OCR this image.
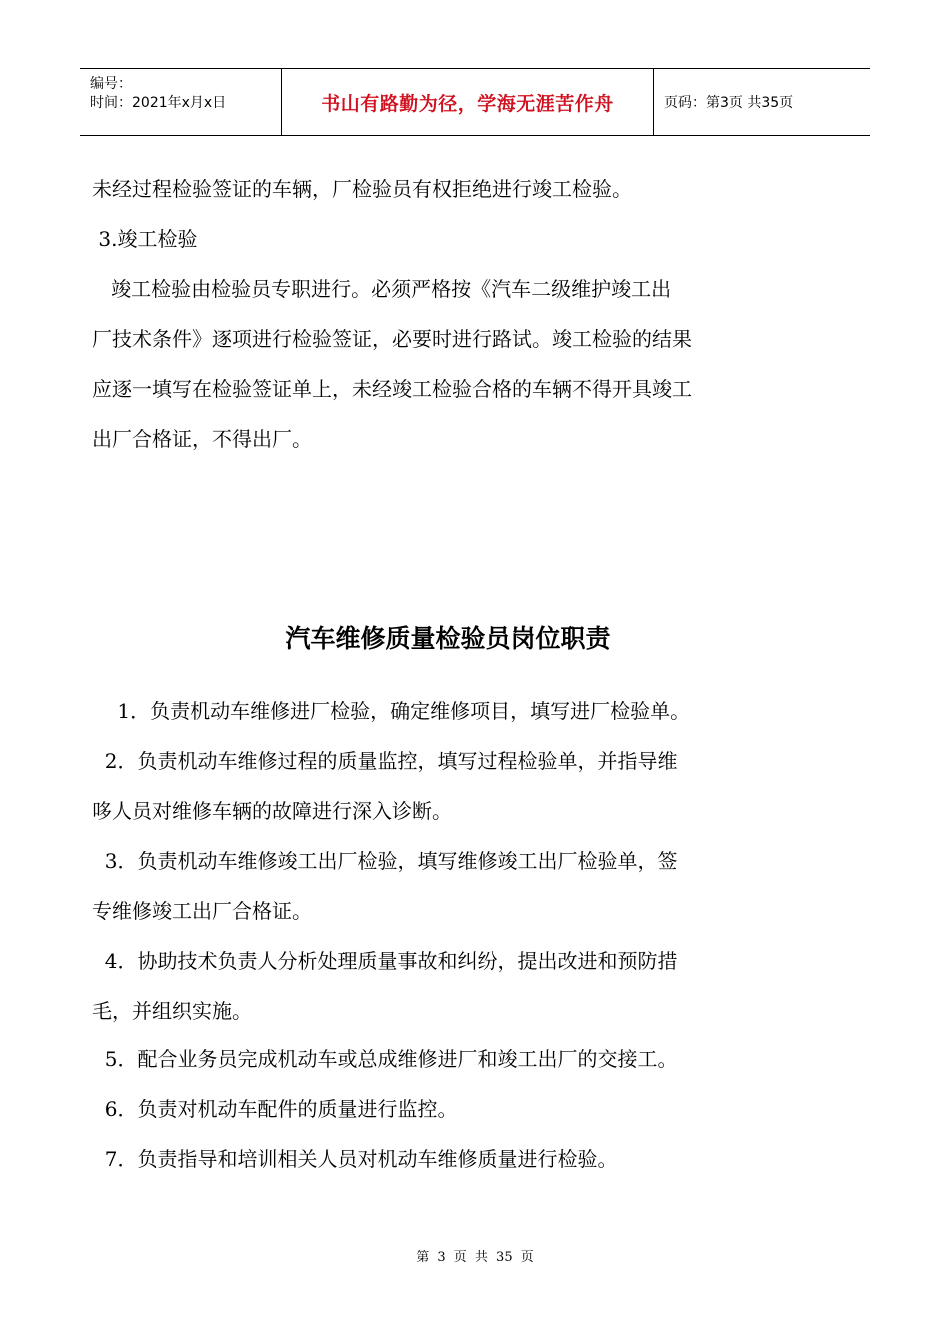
编号：
时间：2021年x月x日	书山有路勤为径，学海无涯苦作舟	页码：第3页 共35页
未经过程检验签证的车辆，厂检验员有权拒绝进行竣工检验。
3.竣工检验
竣工检验由检验员专职进行。必须严格按《汽车二级维护竣工出
厂技术条件》逐项进行检验签证，必要时进行路试。竣工检验的结果
应逐一填写在检验签证单上，未经竣工检验合格的车辆不得开具竣工
出厂合格证，不得出厂。
汽车维修质量检验员岗位职责
1．负责机动车维修进厂检验，确定维修项目，填写进厂检验单。
2．负责机动车维修过程的质量监控，填写过程检验单，并指导维
哆人员对维修车辆的故障进行深入诊断。
3．负责机动车维修竣工出厂检验，填写维修竣工出厂检验单，签
专维修竣工出厂合格证。
4．协助技术负责人分析处理质量事故和纠纷，提出改进和预防措
毛，并组织实施。
5．配合业务员完成机动车或总成维修进厂和竣工出厂的交接工。
6．负责对机动车配件的质量进行监控。
7．负责指导和培训相关人员对机动车维修质量进行检验。
第 3 页 共 35 页
